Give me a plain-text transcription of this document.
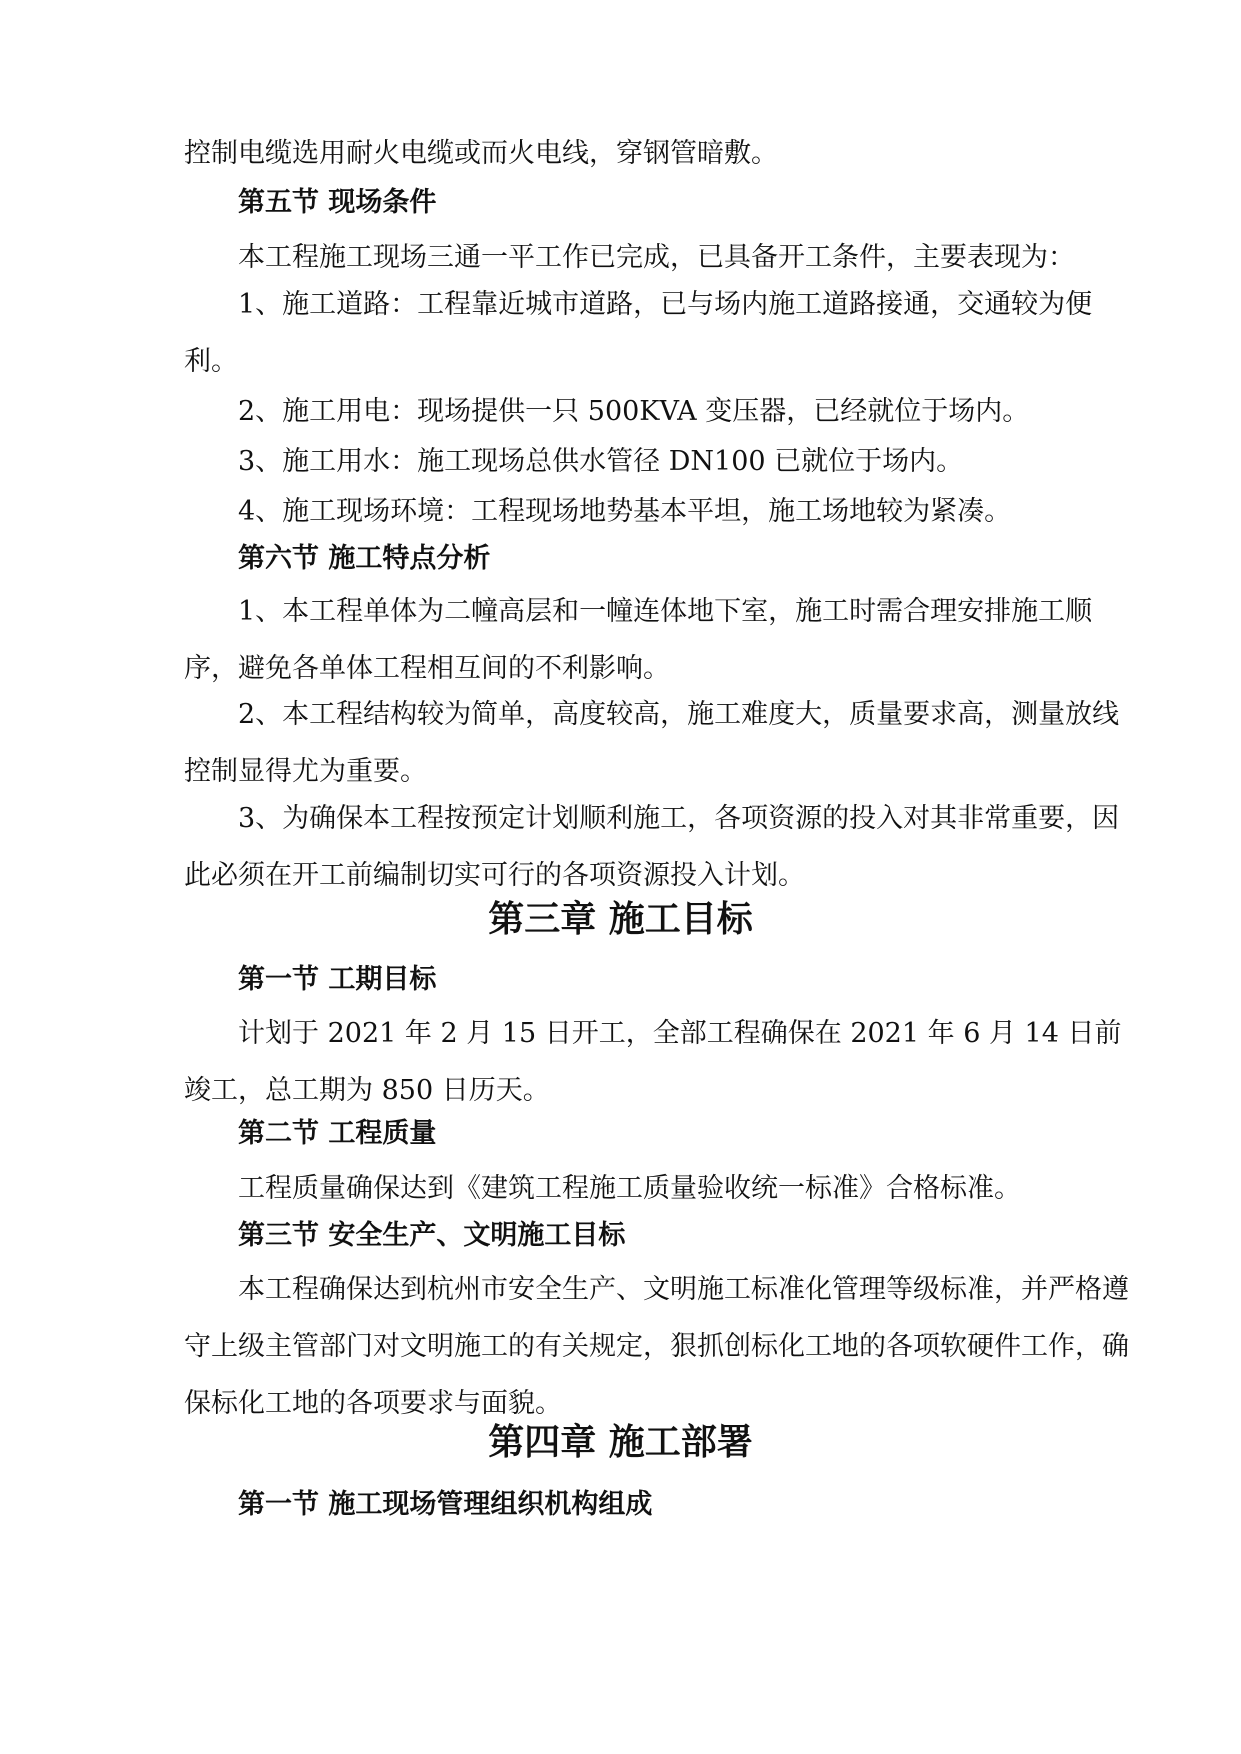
控制电缆选用耐火电缆或而火电线，穿钢管暗敷。

第五节 现场条件

本工程施工现场三通一平工作已完成，已具备开工条件，主要表现为：

1、施工道路：工程靠近城市道路，已与场内施工道路接通，交通较为便利。

2、施工用电：现场提供一只 500KVA 变压器，已经就位于场内。

3、施工用水：施工现场总供水管径 DN100 已就位于场内。

4、施工现场环境：工程现场地势基本平坦，施工场地较为紧凑。

第六节 施工特点分析

1、本工程单体为二幢高层和一幢连体地下室，施工时需合理安排施工顺序，避免各单体工程相互间的不利影响。

2、本工程结构较为简单，高度较高，施工难度大，质量要求高，测量放线控制显得尤为重要。

3、为确保本工程按预定计划顺利施工，各项资源的投入对其非常重要，因此必须在开工前编制切实可行的各项资源投入计划。

第三章 施工目标

第一节 工期目标

计划于 2021 年 2 月 15 日开工，全部工程确保在 2021 年 6 月 14 日前竣工，总工期为 850 日历天。

第二节 工程质量

工程质量确保达到《建筑工程施工质量验收统一标准》合格标准。

第三节 安全生产、文明施工目标

本工程确保达到杭州市安全生产、文明施工标准化管理等级标准，并严格遵守上级主管部门对文明施工的有关规定，狠抓创标化工地的各项软硬件工作，确保标化工地的各项要求与面貌。

第四章 施工部署

第一节 施工现场管理组织机构组成
